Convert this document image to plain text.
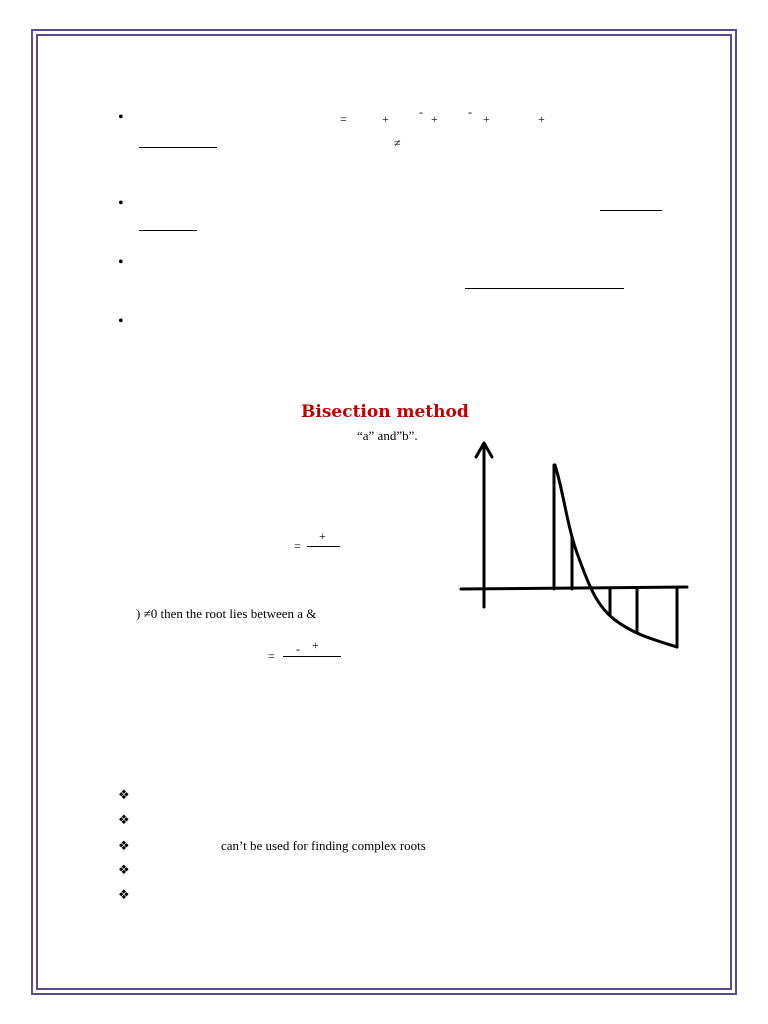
•	=	+	- +	- +	+
≠
•
•
•
Bisection method
“a” and”b”.
=
+
) ≠0 then the root lies between a &
= - +
❖
❖
❖	can’t be used for finding complex roots
❖
❖
